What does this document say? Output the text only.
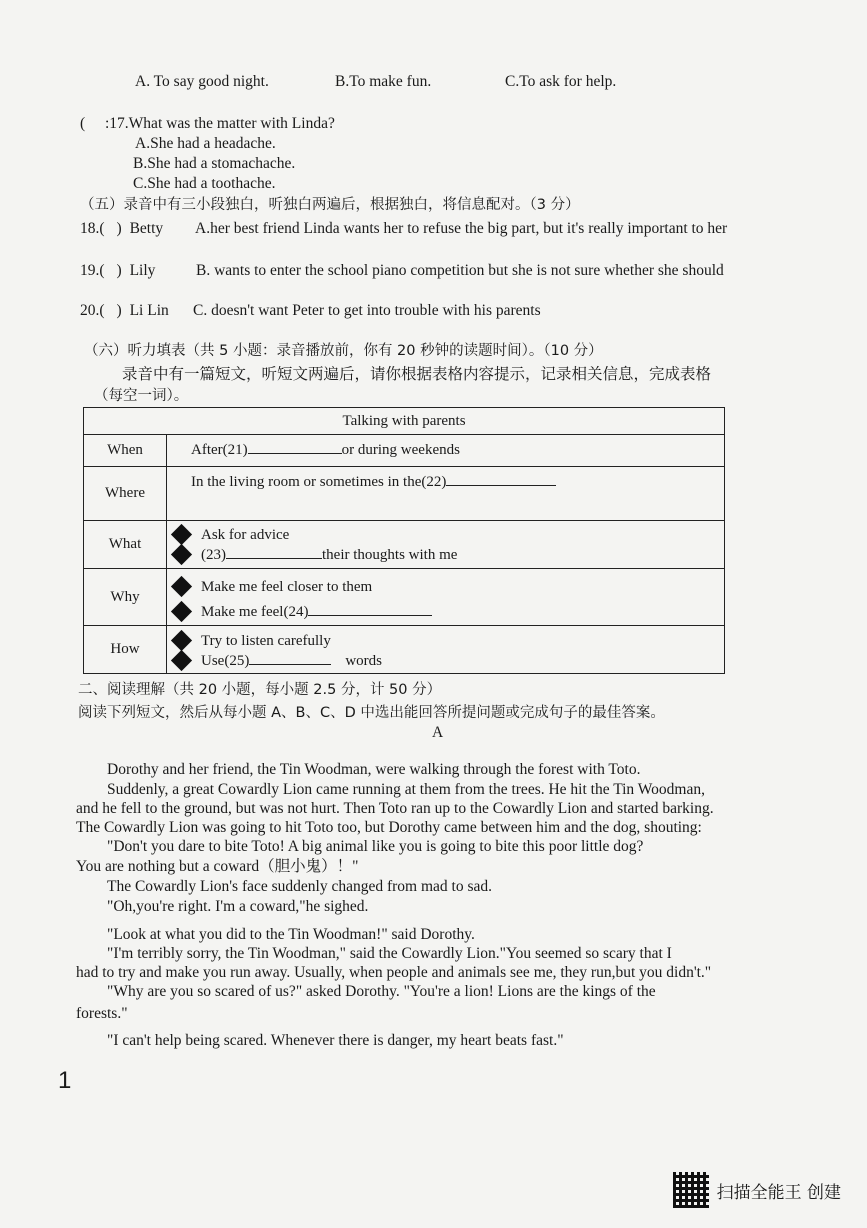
A. To say good night.	B.To make fun.	C.To ask for help.
( :17.What was the matter with Linda?
A.She had a headache.
B.She had a stomachache.
C.She had a toothache.
（五）录音中有三小段独白，听独白两遍后，根据独白，将信息配对。（3 分）
18.( ) Betty A.her best friend Linda wants her to refuse the big part, but it's really important to her
19.( ) Lily	B. wants to enter the school piano competition but she is not sure whether she should
20.( ) Li Lin C. doesn't want Peter to get into trouble with his parents
（六）听力填表（共 5 小题：录音播放前，你有 20 秒钟的读题时间）。（10 分）
录音中有一篇短文，听短文两遍后，请你根据表格内容提示，记录相关信息，完成表格
（每空一词）。
Talking with parents	
When	After(21) or during weekends
Where	In the living room or sometimes in the(22)
What	Ask for advice
(23) their thoughts with me

Why	Make me feel closer to them
Make me feel(24)

How	Try to listen carefully
Use(25) words
二、阅读理解（共 20 小题，每小题 2.5 分，计 50 分）
阅读下列短文，然后从每小题 A、B、C、D 中选出能回答所提问题或完成句子的最佳答案。
A
Dorothy and her friend, the Tin Woodman, were walking through the forest with Toto.
Suddenly, a great Cowardly Lion came running at them from the trees. He hit the Tin Woodman,
and he fell to the ground, but was not hurt. Then Toto ran up to the Cowardly Lion and started barking.
The Cowardly Lion was going to hit Toto too, but Dorothy came between him and the dog, shouting:
"Don't you dare to bite Toto! A big animal like you is going to bite this poor little dog?
You are nothing but a coward（胆小鬼）！"
The Cowardly Lion's face suddenly changed from mad to sad.
"Oh,you're right. I'm a coward,"he sighed.
"Look at what you did to the Tin Woodman!" said Dorothy.
"I'm terribly sorry, the Tin Woodman," said the Cowardly Lion."You seemed so scary that I
had to try and make you run away. Usually, when people and animals see me, they run,but you didn't."
"Why are you so scared of us?" asked Dorothy. "You're a lion! Lions are the kings of the
forests."
"I can't help being scared. Whenever there is danger, my heart beats fast."
1
扫描全能王 创建
